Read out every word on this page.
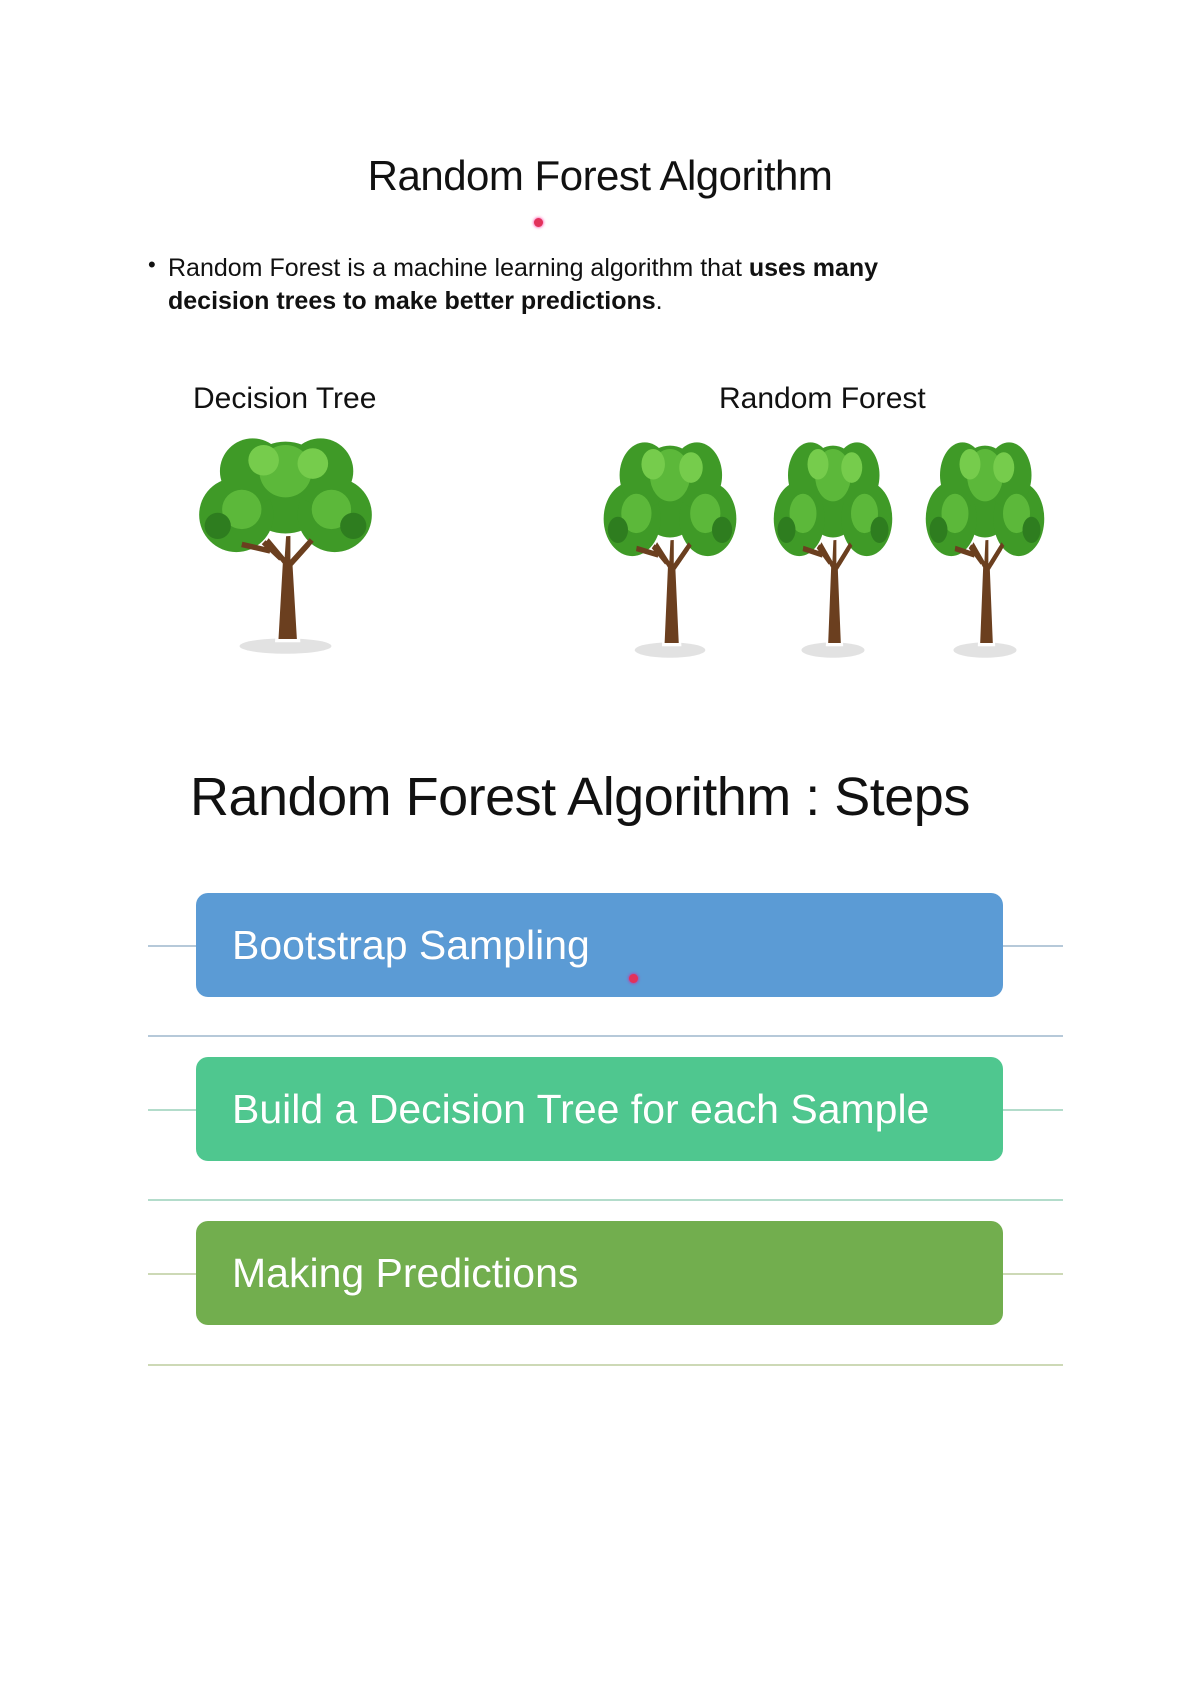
Random Forest Algorithm
• Random Forest is a machine learning algorithm that uses many decision trees to make better predictions.
Decision Tree	Random Forest
Random Forest Algorithm : Steps
Bootstrap Sampling
Build a Decision Tree for each Sample
Making Predictions
